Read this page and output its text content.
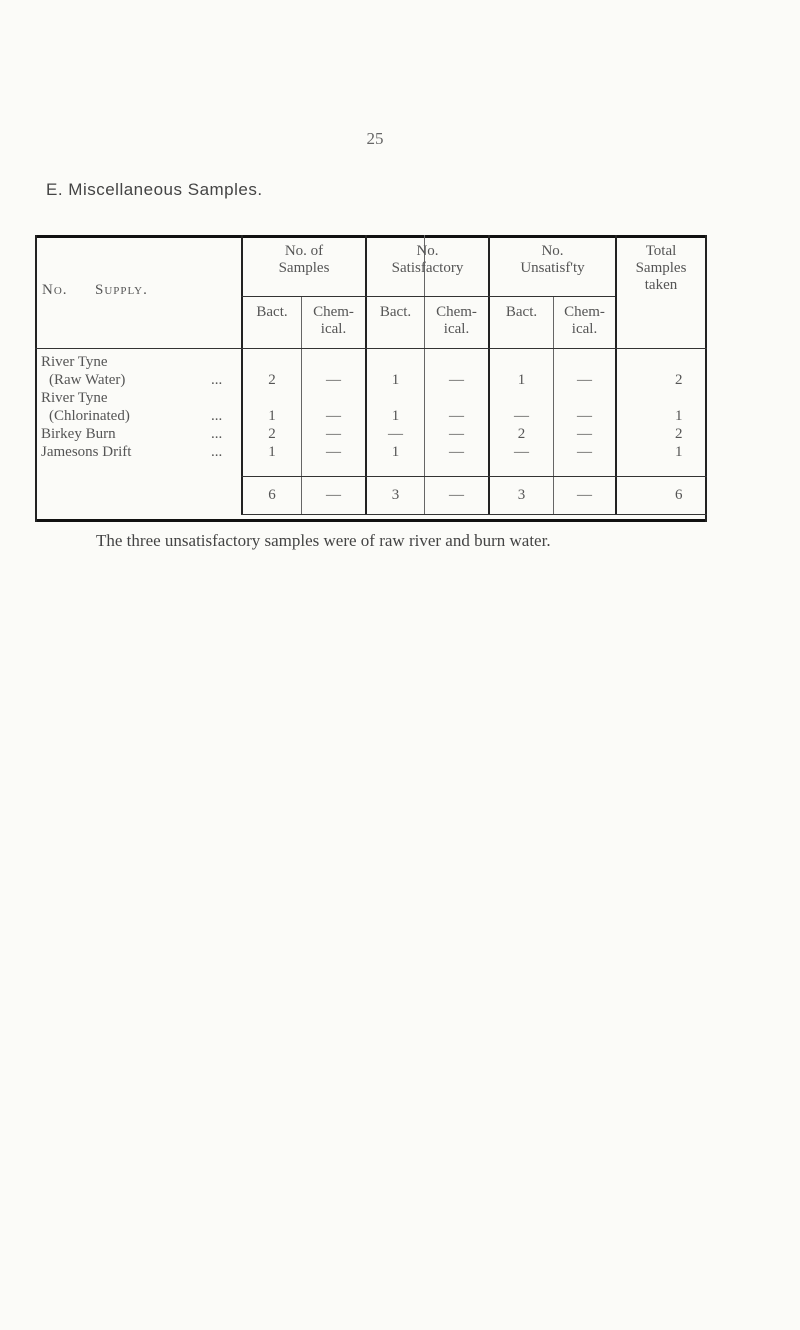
25
E. Miscellaneous Samples.
No. Supply.
No. of
Samples
No.
Satisfactory
No.
Unsatisf'ty
Total
Samples
taken
Bact.	Chem-
ical.
Bact.	Chem-
ical.
Bact.	Chem-
ical.
River Tyne
(Raw Water)	...	2	—	1	—	1	—	2
River Tyne
(Chlorinated)	...	1	—	1	—	—	—	1
Birkey Burn	...	2	—	—	—	2	—	2
Jamesons Drift	...	1	—	1	—	—	—	1
6	—	3	—	3	—	6
The three unsatisfactory samples were of raw river and burn water.
